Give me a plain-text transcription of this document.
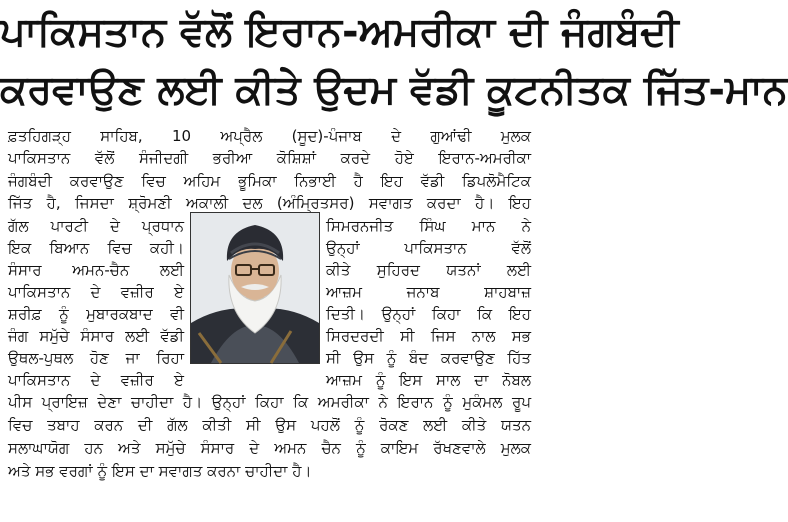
ਪਾਕਿਸਤਾਨ ਵੱਲੋਂ ਇਰਾਨ-ਅਮਰੀਕਾ ਦੀ ਜੰਗਬੰਦੀ
ਕਰਵਾਉਣ ਲਈ ਕੀਤੇ ਉਦਮ ਵੱਡੀ ਕੂਟਨੀਤਕ ਜਿੱਤ-ਮਾਨ
ਫ਼ਤਹਿਗੜ੍ਹ ਸਾਹਿਬ, 10 ਅਪ੍ਰੈਲ (ਸੂਦ)-ਪੰਜਾਬ ਦੇ ਗੁਆਂਢੀ ਮੁਲਕ
ਪਾਕਿਸਤਾਨ ਵੱਲੋਂ ਸੰਜੀਦਗੀ ਭਰੀਆ ਕੋਸ਼ਿਸ਼ਾਂ ਕਰਦੇ ਹੋਏ ਇਰਾਨ-ਅਮਰੀਕਾ
ਜੰਗਬੰਦੀ ਕਰਵਾਉਣ ਵਿਚ ਅਹਿਮ ਭੂਮਿਕਾ ਨਿਭਾਈ ਹੈ ਇਹ ਵੱਡੀ ਡਿਪਲੋਮੈਟਿਕ
ਜਿੱਤ ਹੈ, ਜਿਸਦਾ ਸ਼੍ਰੋਮਣੀ ਅਕਾਲੀ ਦਲ (ਅੰਮ੍ਰਿਤਸਰ) ਸਵਾਗਤ ਕਰਦਾ ਹੈ। ਇਹ
ਗੱਲ ਪਾਰਟੀ ਦੇ ਪ੍ਰਧਾਨ
ਇਕ ਬਿਆਨ ਵਿਚ ਕਹੀ।
ਸੰਸਾਰ ਅਮਨ-ਚੈਨ ਲਈ
ਪਾਕਿਸਤਾਨ ਦੇ ਵਜ਼ੀਰ ਏ
ਸ਼ਰੀਫ਼ ਨੂੰ ਮੁਬਾਰਕਬਾਦ ਵੀ
ਜੰਗ ਸਮੁੱਚੇ ਸੰਸਾਰ ਲਈ ਵੱਡੀ
ਉਥਲ-ਪੁਥਲ ਹੋਣ ਜਾ ਰਿਹਾ
ਪਾਕਿਸਤਾਨ ਦੇ ਵਜ਼ੀਰ ਏ
ਸਿਮਰਨਜੀਤ ਸਿੰਘ ਮਾਨ ਨੇ
ਉਨ੍ਹਾਂ ਪਾਕਿਸਤਾਨ ਵੱਲੋਂ
ਕੀਤੇ ਸੁਹਿਰਦ ਯਤਨਾਂ ਲਈ
ਆਜ਼ਮ ਜਨਾਬ ਸ਼ਾਹਬਾਜ਼
ਦਿਤੀ। ਉਨ੍ਹਾਂ ਕਿਹਾ ਕਿ ਇਹ
ਸਿਰਦਰਦੀ ਸੀ ਜਿਸ ਨਾਲ ਸਭ
ਸੀ ਉਸ ਨੂੰ ਬੰਦ ਕਰਵਾਉਣ ਹਿੱਤ
ਆਜ਼ਮ ਨੂੰ ਇਸ ਸਾਲ ਦਾ ਨੋਬਲ
ਪੀਸ ਪ੍ਰਾਇਜ਼ ਦੇਣਾ ਚਾਹੀਦਾ ਹੈ। ਉਨ੍ਹਾਂ ਕਿਹਾ ਕਿ ਅਮਰੀਕਾ ਨੇ ਇਰਾਨ ਨੂੰ ਮੁਕੰਮਲ ਰੂਪ
ਵਿਚ ਤਬਾਹ ਕਰਨ ਦੀ ਗੱਲ ਕੀਤੀ ਸੀ ਉਸ ਪਹਲੋਂ ਨੂੰ ਰੋਕਣ ਲਈ ਕੀਤੇ ਯਤਨ
ਸਲਾਘਾਯੋਗ ਹਨ ਅਤੇ ਸਮੁੱਚੇ ਸੰਸਾਰ ਦੇ ਅਮਨ ਚੈਨ ਨੂੰ ਕਾਇਮ ਰੱਖਣਵਾਲੇ ਮੁਲਕ
ਅਤੇ ਸਭ ਵਰਗਾਂ ਨੂੰ ਇਸ ਦਾ ਸਵਾਗਤ ਕਰਨਾ ਚਾਹੀਦਾ ਹੈ।
